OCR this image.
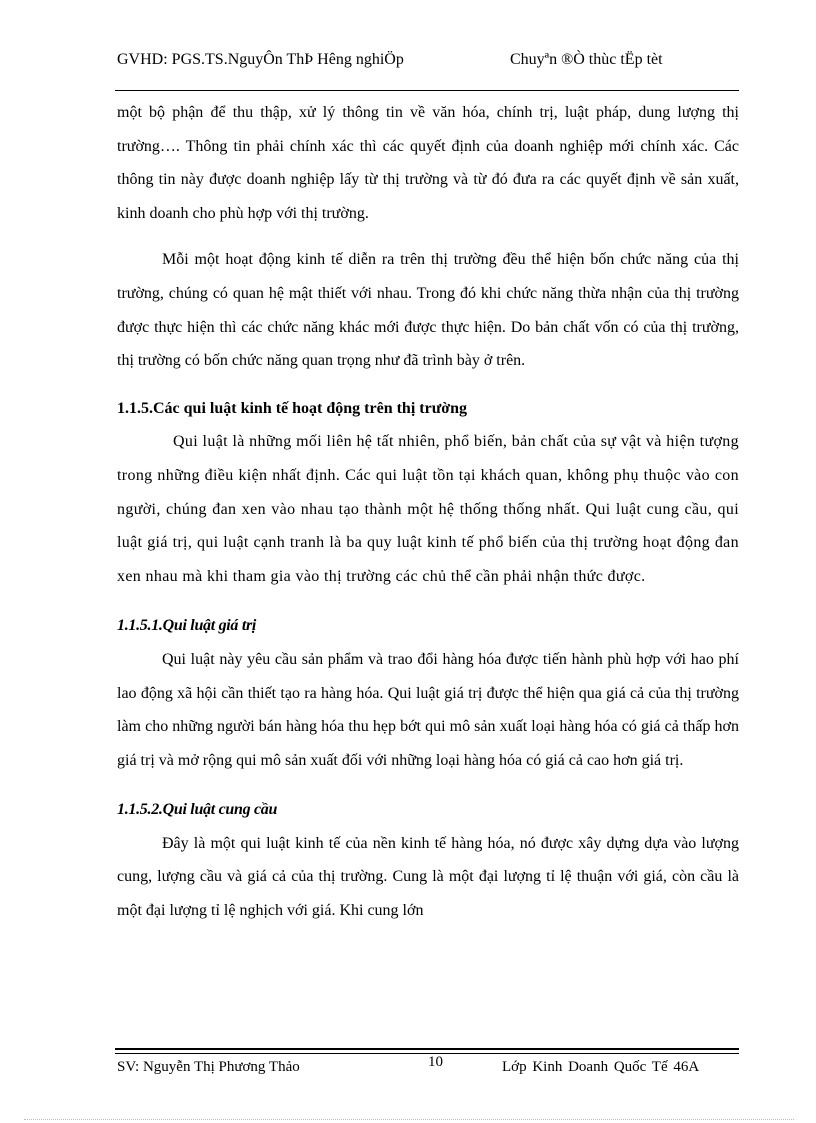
GVHD: PGS.TS.NguyÔn ThÞ Hêng nghiÖp	Chuyªn ®Ò thùc tËp tèt

một bộ phận để thu thập, xử lý thông tin về văn hóa, chính trị, luật pháp, dung lượng thị trường…. Thông tin phải chính xác thì các quyết định của doanh nghiệp mới chính xác. Các thông tin này được doanh nghiệp lấy từ thị trường và từ đó đưa ra các quyết định về sản xuất, kinh doanh cho phù hợp với thị trường.

Mỗi một hoạt động kinh tế diễn ra trên thị trường đều thể hiện bốn chức năng của thị trường, chúng có quan hệ mật thiết với nhau. Trong đó khi chức năng thừa nhận của thị trường được thực hiện thì các chức năng khác mới được thực hiện. Do bản chất vốn có của thị trường, thị trường có bốn chức năng quan trọng như đã trình bày ở trên.

1.1.5.Các qui luật kinh tế hoạt động trên thị trường

Qui luật là những mối liên hệ tất nhiên, phổ biến, bản chất của sự vật và hiện tượng trong những điều kiện nhất định. Các qui luật tồn tại khách quan, không phụ thuộc vào con người, chúng đan xen vào nhau tạo thành một hệ thống thống nhất. Qui luật cung cầu, qui luật giá trị, qui luật cạnh tranh là ba quy luật kinh tế phổ biến của thị trường hoạt động đan xen nhau mà khi tham gia vào thị trường các chủ thể cần phải nhận thức được.

1.1.5.1.Qui luật giá trị

Qui luật này yêu cầu sản phẩm và trao đổi hàng hóa được tiến hành phù hợp với hao phí lao động xã hội cần thiết tạo ra hàng hóa. Qui luật giá trị được thể hiện qua giá cả của thị trường làm cho những người bán hàng hóa thu hẹp bớt qui mô sản xuất loại hàng hóa có giá cả thấp hơn giá trị và mở rộng qui mô sản xuất đối với những loại hàng hóa có giá cả cao hơn giá trị.

1.1.5.2.Qui luật cung cầu

Đây là một qui luật kinh tế của nền kinh tế hàng hóa, nó được xây dựng dựa vào lượng cung, lượng cầu và giá cả của thị trường. Cung là một đại lượng tỉ lệ thuận với giá, còn cầu là một đại lượng tỉ lệ nghịch với giá. Khi cung lớn

SV: Nguyễn Thị Phương Thảo	10	Lớp Kinh Doanh Quốc Tế 46A
